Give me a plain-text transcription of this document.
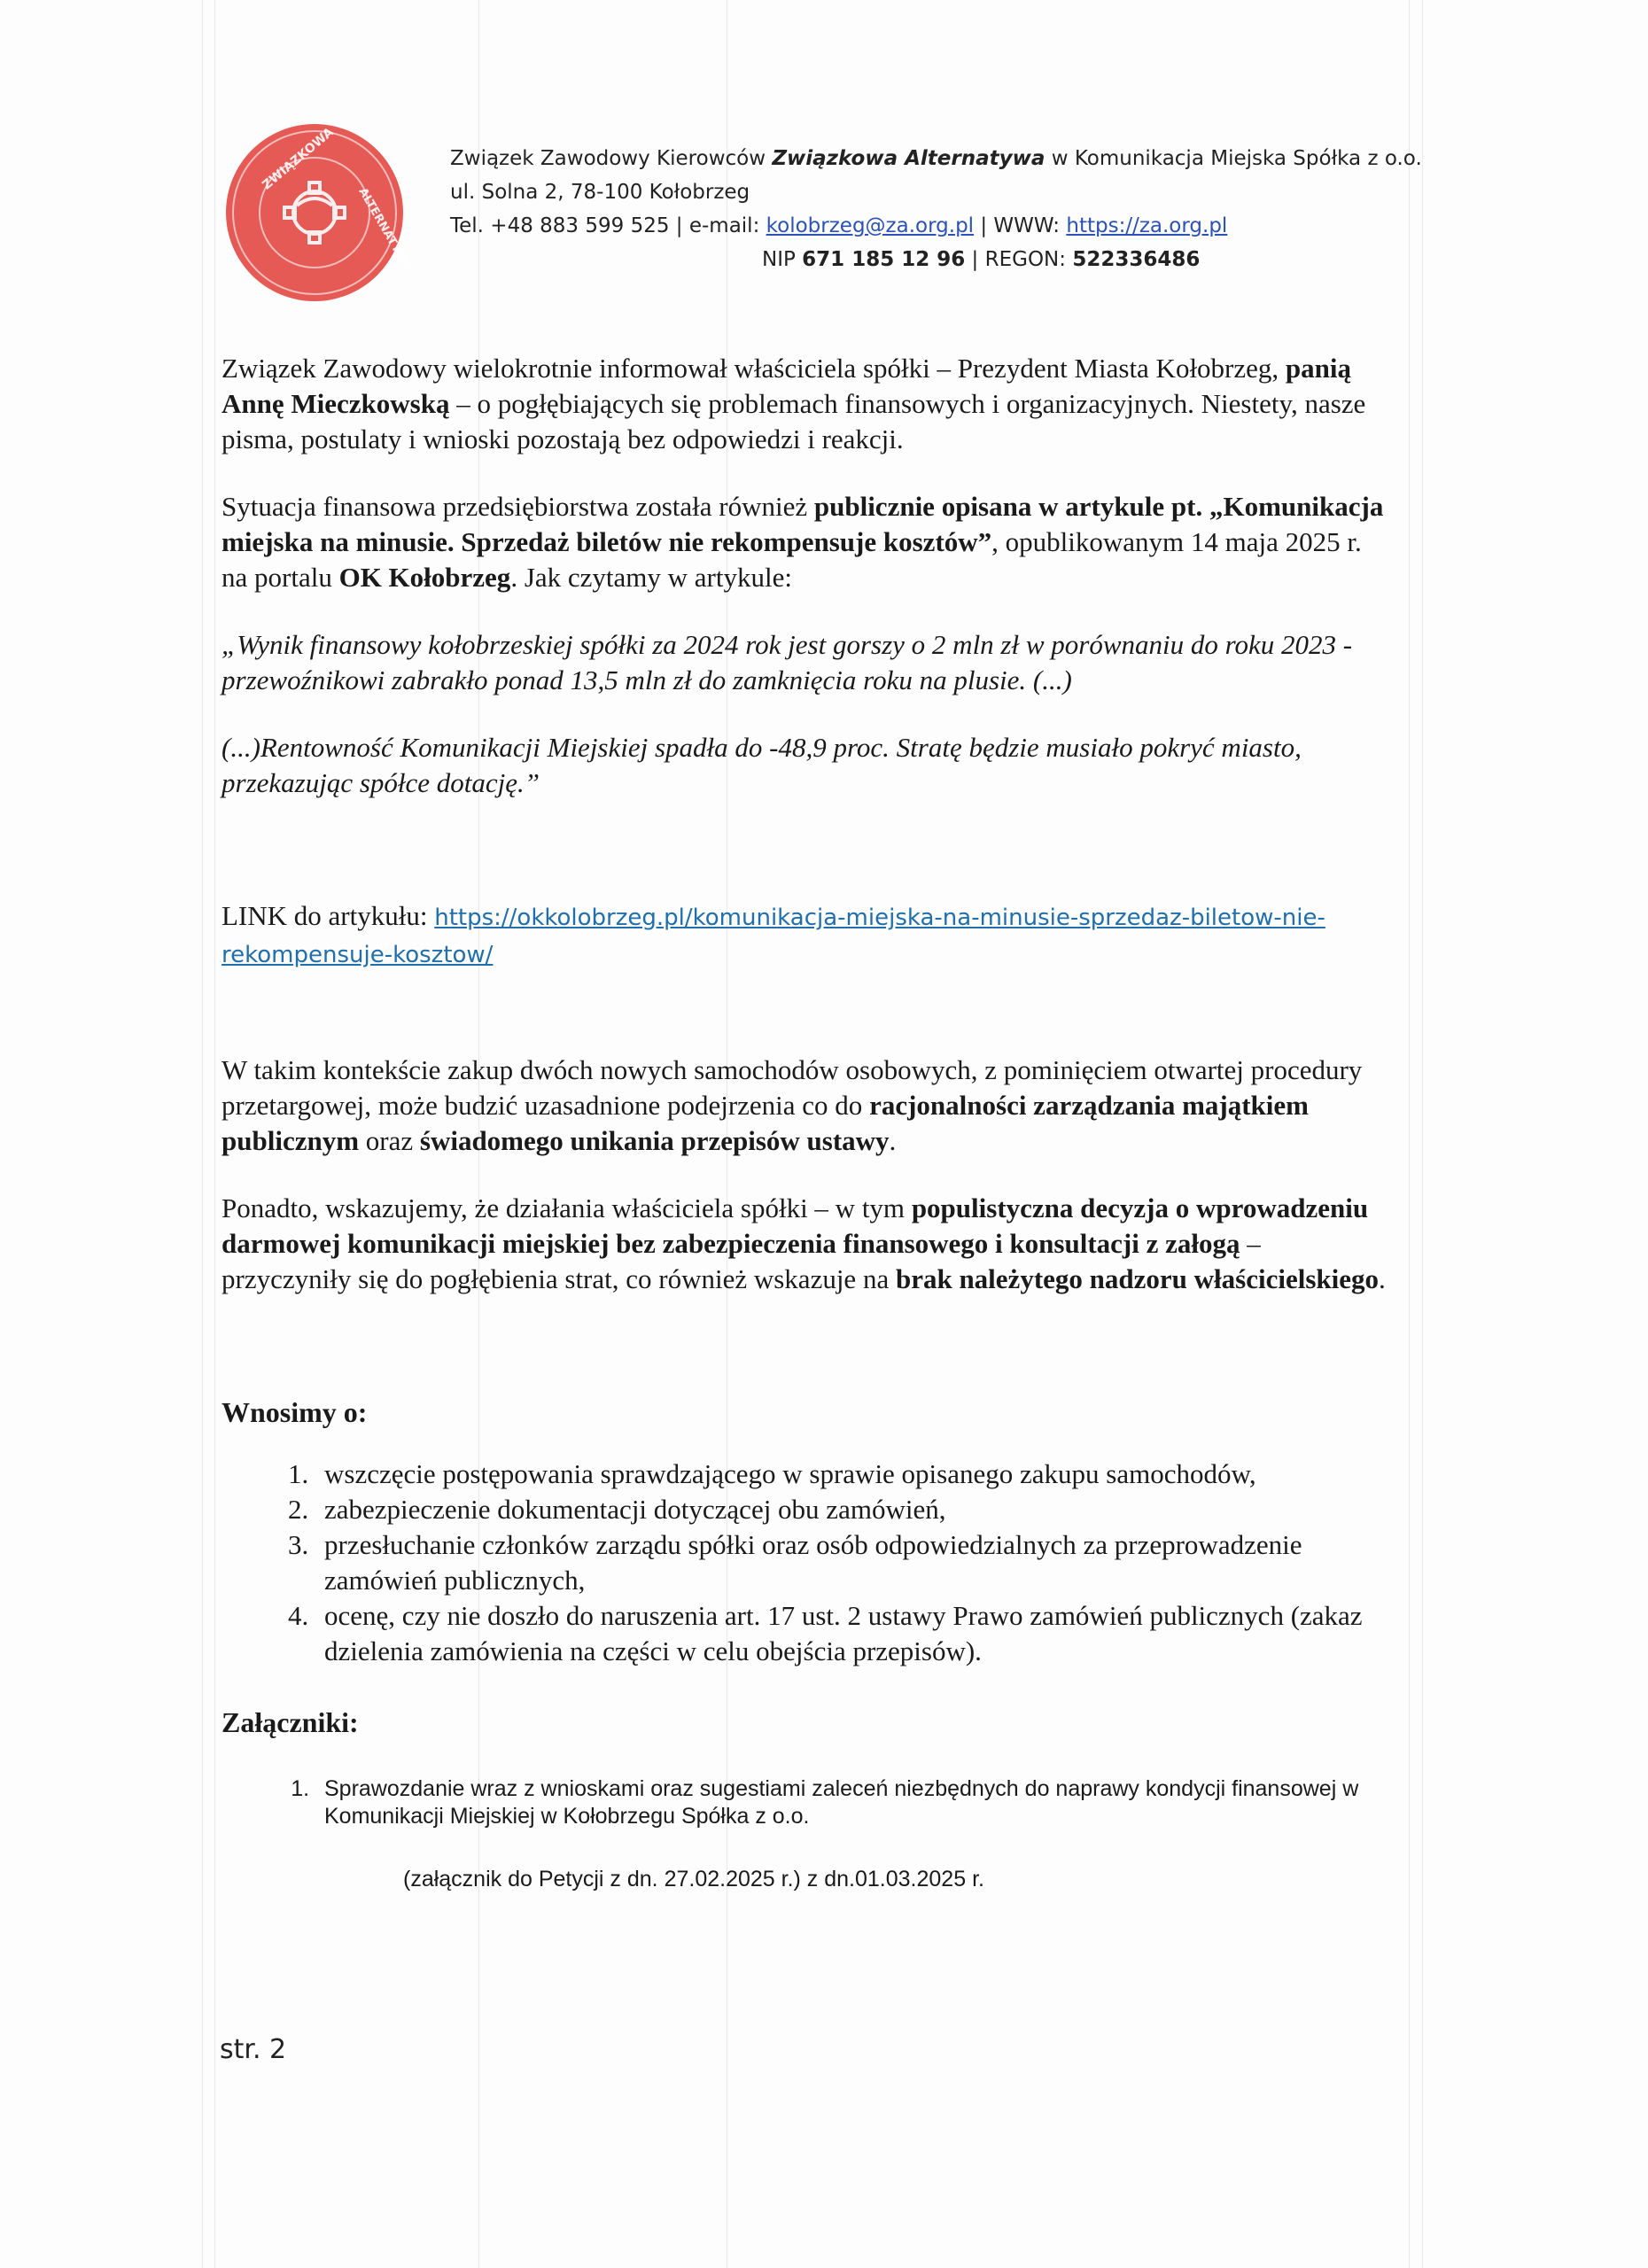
ZWIĄZKOWA
ALTERNATYWA
Związek Zawodowy Kierowców Związkowa Alternatywa w Komunikacja Miejska Spółka z o.o.
ul. Solna 2, 78-100 Kołobrzeg
Tel. +48 883 599 525 | e-mail: kolobrzeg@za.org.pl | WWW: https://za.org.pl
NIP 671 185 12 96 | REGON: 522336486

Związek Zawodowy wielokrotnie informował właściciela spółki – Prezydent Miasta Kołobrzeg, panią Annę Mieczkowską – o pogłębiających się problemach finansowych i organizacyjnych. Niestety, nasze pisma, postulaty i wnioski pozostają bez odpowiedzi i reakcji.

Sytuacja finansowa przedsiębiorstwa została również publicznie opisana w artykule pt. „Komunikacja miejska na minusie. Sprzedaż biletów nie rekompensuje kosztów”, opublikowanym 14 maja 2025 r. na portalu OK Kołobrzeg. Jak czytamy w artykule:

„Wynik finansowy kołobrzeskiej spółki za 2024 rok jest gorszy o 2 mln zł w porównaniu do roku 2023 - przewoźnikowi zabrakło ponad 13,5 mln zł do zamknięcia roku na plusie. (...)

(...)Rentowność Komunikacji Miejskiej spadła do -48,9 proc. Stratę będzie musiało pokryć miasto, przekazując spółce dotację.”

LINK do artykułu: https://okkolobrzeg.pl/komunikacja-miejska-na-minusie-sprzedaz-biletow-nie-rekompensuje-kosztow/

W takim kontekście zakup dwóch nowych samochodów osobowych, z pominięciem otwartej procedury przetargowej, może budzić uzasadnione podejrzenia co do racjonalności zarządzania majątkiem publicznym oraz świadomego unikania przepisów ustawy.

Ponadto, wskazujemy, że działania właściciela spółki – w tym populistyczna decyzja o wprowadzeniu darmowej komunikacji miejskiej bez zabezpieczenia finansowego i konsultacji z załogą – przyczyniły się do pogłębienia strat, co również wskazuje na brak należytego nadzoru właścicielskiego.

Wnosimy o:
1. wszczęcie postępowania sprawdzającego w sprawie opisanego zakupu samochodów,
2. zabezpieczenie dokumentacji dotyczącej obu zamówień,
3. przesłuchanie członków zarządu spółki oraz osób odpowiedzialnych za przeprowadzenie zamówień publicznych,
4. ocenę, czy nie doszło do naruszenia art. 17 ust. 2 ustawy Prawo zamówień publicznych (zakaz dzielenia zamówienia na części w celu obejścia przepisów).
Załączniki:
1. Sprawozdanie wraz z wnioskami oraz sugestiami zaleceń niezbędnych do naprawy kondycji finansowej w Komunikacji Miejskiej w Kołobrzegu Spółka z o.o.
(załącznik do Petycji z dn. 27.02.2025 r.) z dn.01.03.2025 r.
str. 2
